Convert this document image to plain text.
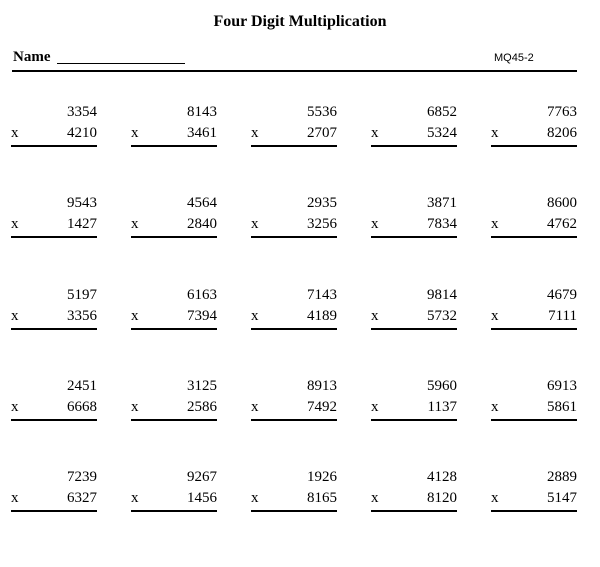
Four Digit Multiplication
Name	MQ45-2
3354
x	4210
8143
x	3461
5536
x	2707
6852
x	5324
7763
x	8206
9543
x	1427
4564
x	2840
2935
x	3256
3871
x	7834
8600
x	4762
5197
x	3356
6163
x	7394
7143
x	4189
9814
x	5732
4679
x	7111
2451
x	6668
3125
x	2586
8913
x	7492
5960
x	1137
6913
x	5861
7239
x	6327
9267
x	1456
1926
x	8165
4128
x	8120
2889
x	5147
